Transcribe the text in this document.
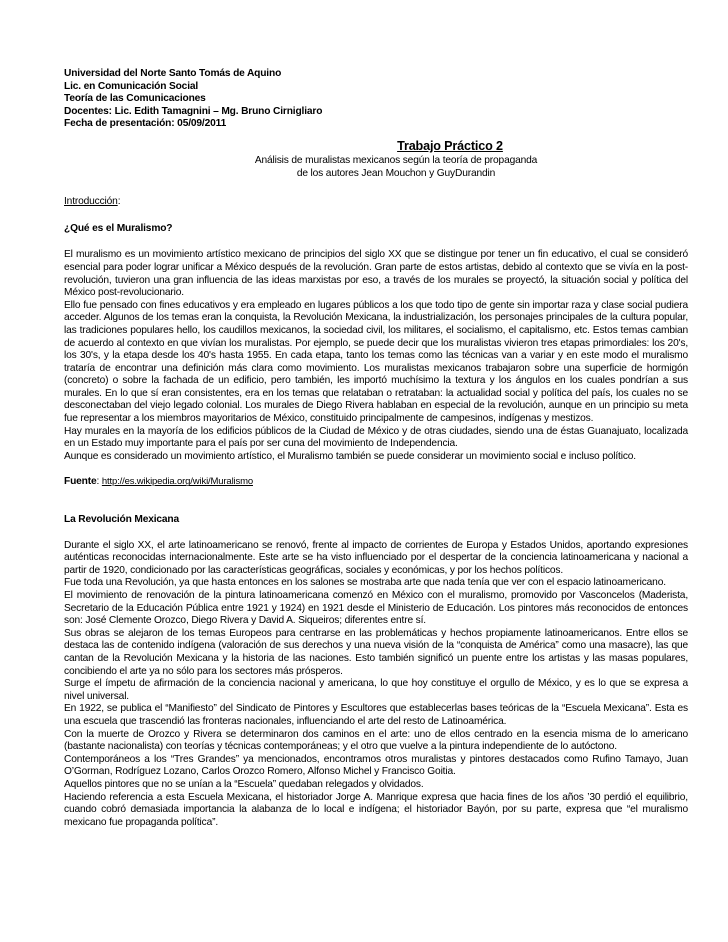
Universidad del Norte Santo Tomás de Aquino
Lic. en Comunicación Social
Teoría de las Comunicaciones
Docentes: Lic. Edith Tamagnini – Mg. Bruno Cirnigliaro
Fecha de presentación: 05/09/2011
Trabajo Práctico 2
Análisis de muralistas mexicanos según la teoría de propaganda
de los autores Jean Mouchon y GuyDurandin
Introducción:
¿Qué es el Muralismo?

El muralismo es un movimiento artístico mexicano de principios del siglo XX que se distingue por tener un fin educativo, el cual se consideró esencial para poder lograr unificar a México después de la revolución. Gran parte de estos artistas, debido al contexto que se vivía en la post-revolución, tuvieron una gran influencia de las ideas marxistas por eso, a través de los murales se proyectó, la situación social y política del México post-revolucionario.

Ello fue pensado con fines educativos y era empleado en lugares públicos a los que todo tipo de gente sin importar raza y clase social pudiera acceder. Algunos de los temas eran la conquista, la Revolución Mexicana, la industrialización, los personajes principales de la cultura popular, las tradiciones populares hello, los caudillos mexicanos, la sociedad civil, los militares, el socialismo, el capitalismo, etc. Estos temas cambian de acuerdo al contexto en que vivían los muralistas. Por ejemplo, se puede decir que los muralistas vivieron tres etapas primordiales: los 20's, los 30's, y la etapa desde los 40's hasta 1955. En cada etapa, tanto los temas como las técnicas van a variar y en este modo el muralismo trataría de encontrar una definición más clara como movimiento. Los muralistas mexicanos trabajaron sobre una superficie de hormigón (concreto) o sobre la fachada de un edificio, pero también, les importó muchísimo la textura y los ángulos en los cuales pondrían a sus murales. En lo que sí eran consistentes, era en los temas que relataban o retrataban: la actualidad social y política del país, los cuales no se desconectaban del viejo legado colonial. Los murales de Diego Rivera hablaban en especial de la revolución, aunque en un principio su meta fue representar a los miembros mayoritarios de México, constituido principalmente de campesinos, indígenas y mestizos.

Hay murales en la mayoría de los edificios públicos de la Ciudad de México y de otras ciudades, siendo una de éstas Guanajuato, localizada en un Estado muy importante para el país por ser cuna del movimiento de Independencia.

Aunque es considerado un movimiento artístico, el Muralismo también se puede considerar un movimiento social e incluso político.

Fuente: http://es.wikipedia.org/wiki/Muralismo
La Revolución Mexicana

Durante el siglo XX, el arte latinoamericano se renovó, frente al impacto de corrientes de Europa y Estados Unidos, aportando expresiones auténticas reconocidas internacionalmente. Este arte se ha visto influenciado por el despertar de la conciencia latinoamericana y nacional a partir de 1920, condicionado por las características geográficas, sociales y económicas, y por los hechos políticos.

Fue toda una Revolución, ya que hasta entonces en los salones se mostraba arte que nada tenía que ver con el espacio latinoamericano.

El movimiento de renovación de la pintura latinoamericana comenzó en México con el muralismo, promovido por Vasconcelos (Maderista, Secretario de la Educación Pública entre 1921 y 1924) en 1921 desde el Ministerio de Educación. Los pintores más reconocidos de entonces son: José Clemente Orozco, Diego Rivera y David A. Siqueiros; diferentes entre sí.

Sus obras se alejaron de los temas Europeos para centrarse en las problemáticas y hechos propiamente latinoamericanos. Entre ellos se destaca las de contenido indígena (valoración de sus derechos y una nueva visión de la “conquista de América” como una masacre), las que cantan de la Revolución Mexicana y la historia de las naciones. Esto también significó un puente entre los artistas y las masas populares, concibiendo el arte ya no sólo para los sectores más prósperos.

Surge el ímpetu de afirmación de la conciencia nacional y americana, lo que hoy constituye el orgullo de México, y es lo que se expresa a nivel universal.

En 1922, se publica el “Manifiesto” del Sindicato de Pintores y Escultores que establecerlas bases teóricas de la “Escuela Mexicana”. Esta es una escuela que trascendió las fronteras nacionales, influenciando el arte del resto de Latinoamérica.

Con la muerte de Orozco y Rivera se determinaron dos caminos en el arte: uno de ellos centrado en la esencia misma de lo americano (bastante nacionalista) con teorías y técnicas contemporáneas; y el otro que vuelve a la pintura independiente de lo autóctono.

Contemporáneos a los “Tres Grandes” ya mencionados, encontramos otros muralistas y pintores destacados como Rufino Tamayo, Juan O’Gorman, Rodríguez Lozano, Carlos Orozco Romero, Alfonso Michel y Francisco Goitia.

Aquellos pintores que no se unían a la “Escuela” quedaban relegados y olvidados.

Haciendo referencia a esta Escuela Mexicana, el historiador Jorge A. Manrique expresa que hacia fines de los años ’30 perdió el equilibrio, cuando cobró demasiada importancia la alabanza de lo local e indígena; el historiador Bayón, por su parte, expresa que “el muralismo mexicano fue propaganda política”.
